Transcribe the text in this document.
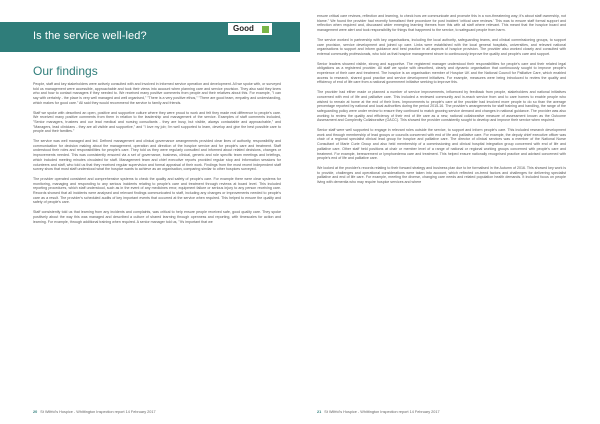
Is the service well-led?
Good
Our findings

People, staff and key stakeholders were actively consulted with and involved in informed service operation and development. All we spoke with, or surveyed told us management were accessible, approachable and took their views into account when planning care and service provision. They also said they knew who and how to contact managers if they needed to. We received many positive comments from people and their relatives about this. For example, "I can say with certainty - the place is very well managed and well organised," "There is a very positive ethos," "There are good team, empathy and understanding, which makes for good care." All said they would recommend the service to family and friends.

Staff we spoke with described an open, positive and supportive culture where they were proud to work and felt they made real difference to people's care. We received many positive comments from them in relation to the leadership and management of the service. Examples of staff comments included, "Senior managers, trustees and our lead medical and nursing consultants - they are busy, but visible, always contactable and approachable," and "Managers, lead clinicians - they are all visible and supportive," and "I love my job; I'm well supported to learn, develop and give the best possible care to people and their families."

The service was well managed and led. Defined management and clinical governance arrangements provided clear lines of authority, responsibility and communication for decision making about the management, operation and direction of the hospice service and for people's care and treatment. Staff understood their roles and responsibilities for people's care. They told us they were regularly consulted and informed about related decisions, changes or improvements needed. This was consistently ensured via a set of governance, business, clinical, generic and role specific team meetings and briefings, which included meeting minutes circulated for staff. Management team and chief executive reports provided regular stop and information sessions for volunteers and staff, who told us that they received regular supervision and formal appraisal of their work. Findings from the most recent independent staff survey show that most staff understood what the hospice wants to achieve as an organisation, comparing similar to other hospices surveyed.

The provider operated consistent and comprehensive systems to check the quality and safety of people's care. For example there were clear systems for monitoring, managing and responding to any serious incidents relating to people's care and treatment through reviews at board level. This included reporting procedures, which staff understood, such as in the event of any medicines error, equipment failure or serious injury to any person receiving care. Records showed that all incidents were analysed and relevant findings communicated to staff, including any changes or improvements needed to people's care as a result. The provider's scheduled audits of key important events that occurred at the service when required. This helped to ensure the quality and safety of people's care.

Staff consistently told us that learning from any incidents and complaints, was critical to help ensure people received safe, good quality care. They spoke positively about the way this was managed and described a culture of shared learning through openness and reporting, with timescales for action and learning. For example, through additional training when required. A senior manager told us, "It's important that we

20 St Wilfrid's Hospice - Whittington Inspection report 14 February 2017

ensure critical care reviews, reflection and learning, to check how we communicate and promote this in a non-threatening way; it's about staff ownership, not blame." We found the provider had recently formalised their procedure for post incident 'critical care reviews.' This was to ensure staff formal support and reflection when required and, discussed wider emerging learning themes from this with all staff where relevant. This meant that the hospice board and management were alert and took responsibility for things that happened to the service, to safeguard people from harm.

The service worked in partnership with key organisations, including the local authority, safeguarding teams, and clinical commissioning groups, to support care provision, service development and joined up care. Links were established with the local general hospitals, universities, and relevant national organisations to support and inform guidance and best practice in all aspects of hospice provision. The provider also worked closely and consulted with external community professionals, who told us that hospice management strove to continuously improve the quality and people's care and support.

Senior leaders showed visible, strong and supportive. The registered manager understood their responsibilities for people's care and their related legal obligations as a registered provider. All staff we spoke with described, clearly and dynamic organisation that continuously sought to improve people's experience of their care and treatment. The hospice is an organisation member of Hospice UK and the National Council for Palliative Care, which enabled access to research, shared good practice and service development initiatives. For example, measures were being introduced to review the quality and efficiency of end of life care from a national government initiative seeking to improve this.

The provider had either made or planned a number of service improvements, influenced by feedback from people, stakeholders and national initiatives concerned with end of life and palliative care. This included a reviewed community and in-reach service from and to care homes to enable people who wished to remain at home at the end of their lives. Improvements to people's care at the provider had involved more people to do so than the average percentage reported by national and local authorities during the period 2015-16. The provider's arrangements for staff training and handling, the range of the safeguarding policy were under review to ensure they continued to match growing service demand and changes in national guidance. The provider was also working to review the quality and efficiency of their end of life care as a new, national collaborative measure of assessment known as the Outcome Assessment and Complexity Collaborative (OACC). This showed the provider consistently sought to develop and improve their service when required.

Senior staff were well supported to engage in relevant roles outside the service, to support and inform people's care. This included research development work and through membership of lead groups or councils concerned with end of life and palliative care. For example, the deputy chief executive officer was chair of a regional specialist clinical lead group for hospice and palliative care. The director of clinical services was a member of the National Nurse Consultant of Marie Curie Group and also held membership of a commissioning and clinical hospital integration group concerned with end of life and palliative care. Other staff held positions at chair or member level of a range of national or regional working groups concerned with people's care and treatment. For example, bereavement or lymphoedema care and treatment. This helped ensure nationally recognised practice and advised concerned with people's end of life and palliative care.

We looked at the provider's records relating to their forward strategy and business plan due to be formalised in the Autumn of 2016. This showed key work is to provide, challenges and operational considerations were taken into account, which reflected on-trend factors and challenges for delivering specialist palliative and end of life care. For example, meeting the diverse, changing care needs and related population health demands. It included focus on people living with dementia who may require hospice services and where

21 St Wilfrid's Hospice - Whittington Inspection report 14 February 2017
